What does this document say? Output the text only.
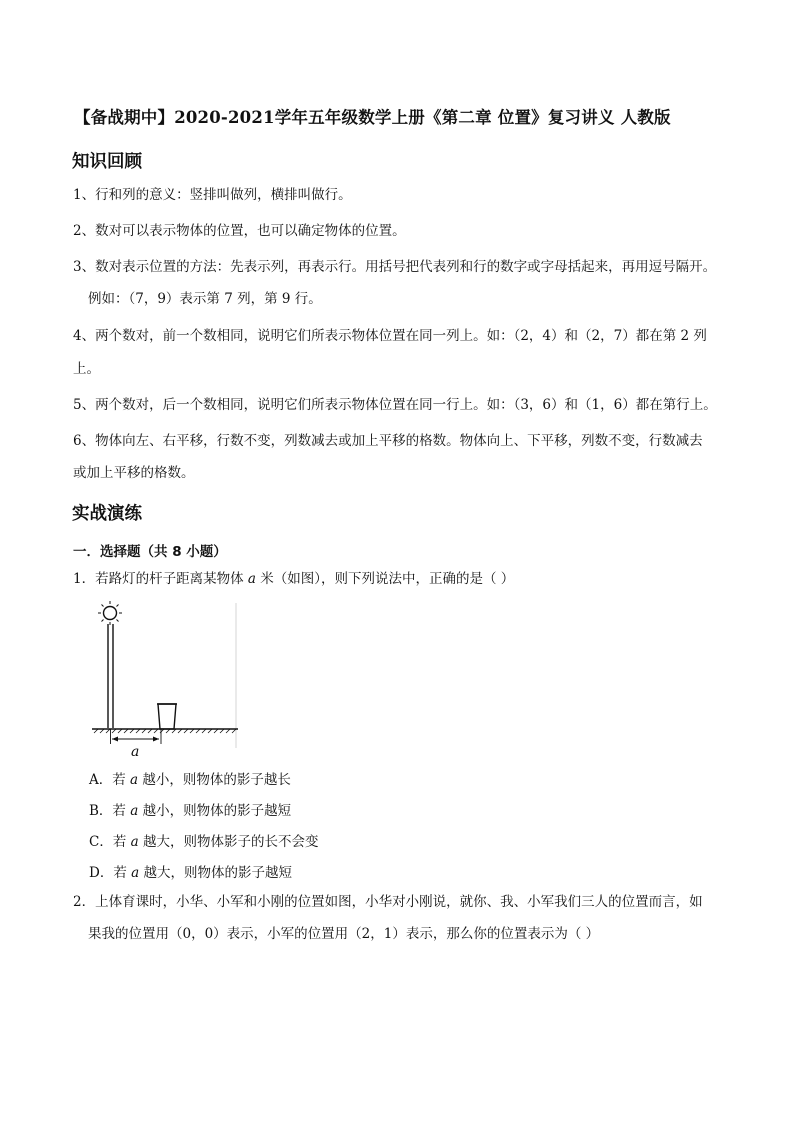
【备战期中】2020-2021学年五年级数学上册《第二章 位置》复习讲义 人教版
知识回顾
1、行和列的意义：竖排叫做列，横排叫做行。
2、数对可以表示物体的位置，也可以确定物体的位置。
3、数对表示位置的方法：先表示列，再表示行。用括号把代表列和行的数字或字母括起来，再用逗号隔开。
例如：（7，9）表示第 7 列，第 9 行。
4、两个数对，前一个数相同，说明它们所表示物体位置在同一列上。如：（2，4）和（2，7）都在第 2 列
上。
5、两个数对，后一个数相同，说明它们所表示物体位置在同一行上。如：（3，6）和（1，6）都在第行上。
6、物体向左、右平移，行数不变，列数减去或加上平移的格数。物体向上、下平移，列数不变，行数减去
或加上平移的格数。
实战演练
一．选择题（共 8 小题）
1．若路灯的杆子距离某物体 a 米（如图），则下列说法中，正确的是（ ）
a
A．若 a 越小，则物体的影子越长
B．若 a 越小，则物体的影子越短
C．若 a 越大，则物体影子的长不会变
D．若 a 越大，则物体的影子越短
2．上体育课时，小华、小军和小刚的位置如图，小华对小刚说，就你、我、小军我们三人的位置而言，如
果我的位置用（0，0）表示，小军的位置用（2，1）表示，那么你的位置表示为（ ）
